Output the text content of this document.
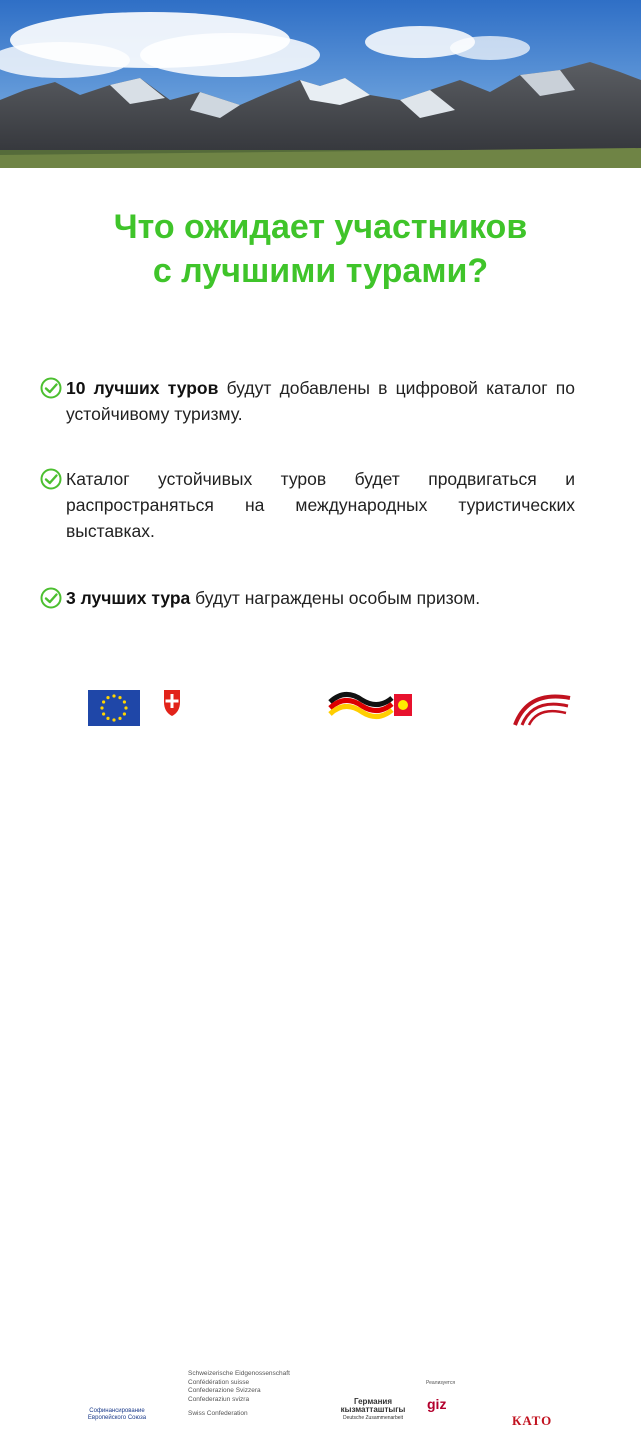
Что ожидает участников
с лучшими турами?
10 лучших туров будут добавлены в цифровой каталог по устойчивому туризму.
Каталог устойчивых туров будет продвигаться и распространяться на международных туристических выставках.
3 лучших тура будут награждены особым призом.
Софинансирование Европейского Союза
Schweizerische Eidgenossenschaft
Confédération suisse
Confederazione Svizzera
Confederaziun svizra
Swiss Confederation
Германия
кызматташтыгы
Deutsche Zusammenarbeit
Реализуется
giz
КАТО
